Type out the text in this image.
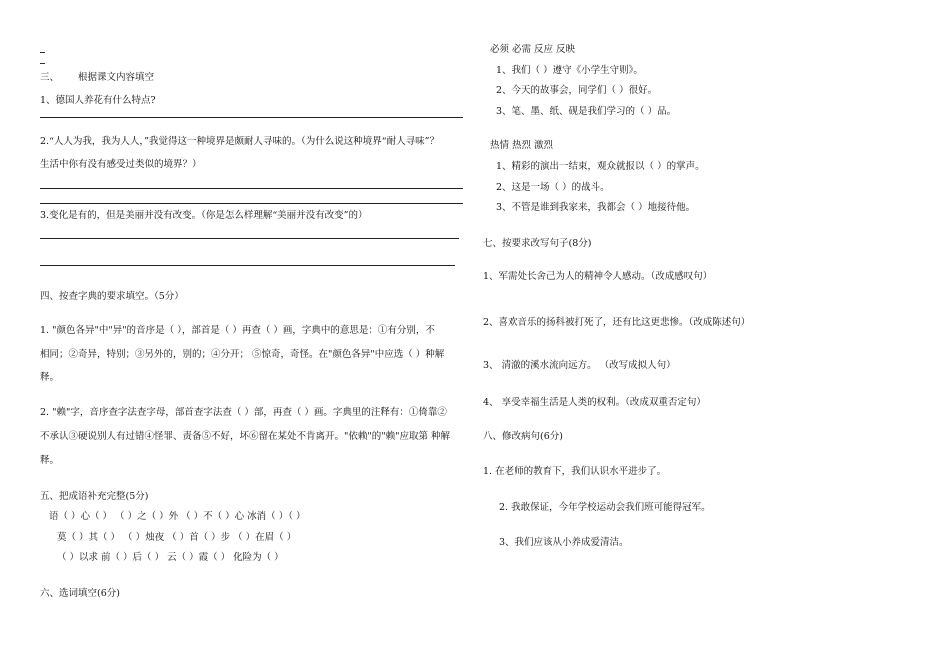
三、 根据课文内容填空
1、德国人养花有什么特点?
2.“人人为我，我为人人，”我觉得这一种境界是颇耐人寻味的。（为什么说这种境界“耐人寻味”？
生活中你有没有感受过类似的境界？）
3.变化是有的，但是美丽并没有改变。（你是怎么样理解“美丽并没有改变”的）
四、按查字典的要求填空。（5分）
1. "颜色各异"中"异"的音序是（ ），部首是（ ）再查（ ）画，字典中的意思是：①有分别，不
相同；②奇异，特别；③另外的，别的；④分开； ⑤惊奇，奇怪。在"颜色各异"中应选（ ）种解
释。
2. "赖"字，音序查字法查字母，部首查字法查（ ）部，再查（ ）画。字典里的注释有：①倚靠②
不承认③硬说别人有过错④怪罪、责备⑤不好，坏⑥留在某处不肯离开。"依赖"的"赖"应取第 种解
释。
五、把成语补充完整(5分)
语（ ）心（ ） （ ）之（ ）外 （ ）不（ ）心 冰消（ ）（ ）
莫（ ）其（ ） （ ）烛夜 （ ）首（ ）步 （ ）在眉（ ）
（ ）以求 前（ ）后（ ） 云（ ）霞（ ） 化险为（ ）
六、选词填空(6分)
必须 必需 反应 反映
1、我们（ ）遵守《小学生守则》。
2、今天的故事会，同学们（ ）很好。
3、笔、墨、纸、砚是我们学习的（ ）品。
热情 热烈 激烈
1、精彩的演出一结束，观众就报以（ ）的掌声。
2、这是一场（ ）的战斗。
3、不管是谁到我家来，我都会（ ）地接待他。
七、按要求改写句子(8分)
1、军需处长舍己为人的精神令人感动。（改成感叹句）
2、喜欢音乐的扬科被打死了，还有比这更悲惨。（改成陈述句）
3、 清澈的溪水流向远方。 （改写成拟人句）
4、 享受幸福生活是人类的权利。（改成双重否定句）
八、修改病句(6分)
1. 在老师的教育下，我们认识水平进步了。
2. 我敢保证，今年学校运动会我们班可能得冠军。
3、我们应该从小养成爱清洁。
